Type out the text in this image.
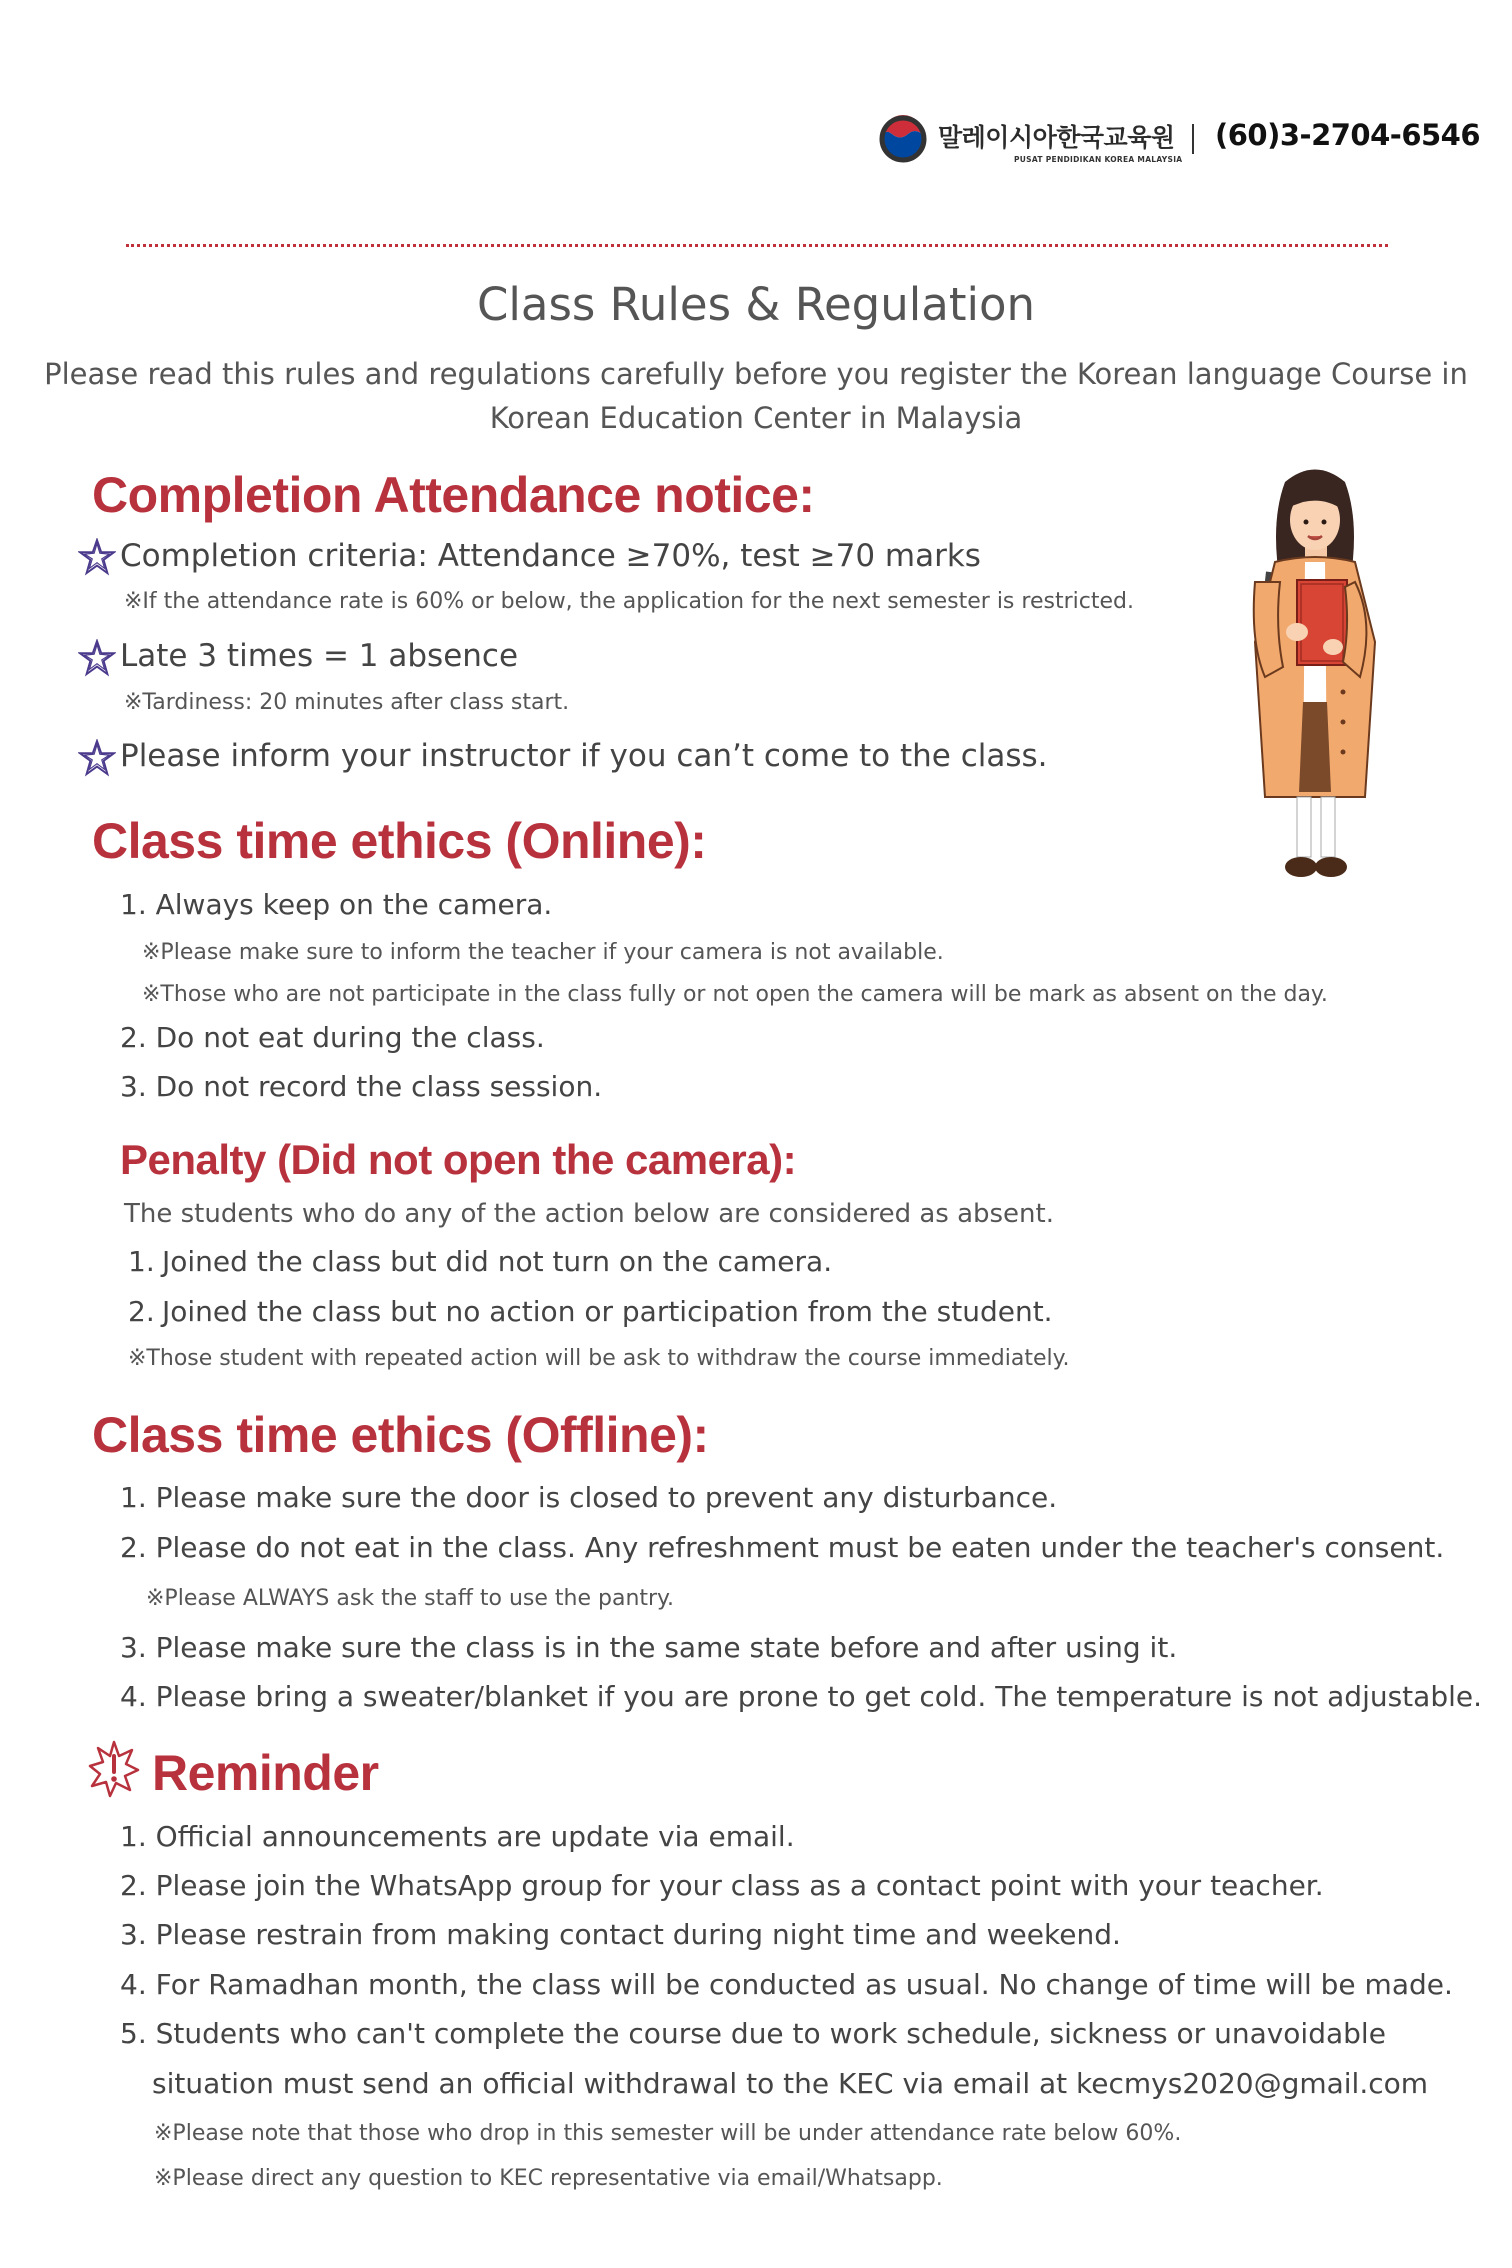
말레이시아한국교육원
PUSAT PENDIDIKAN KOREA MALAYSIA
(60)3-2704-6546
Class Rules & Regulation
Please read this rules and regulations carefully before you register the Korean language Course in
Korean Education Center in Malaysia
Completion Attendance notice:
Completion criteria: Attendance ≥70%, test ≥70 marks
※If the attendance rate is 60% or below, the application for the next semester is restricted.
Late 3 times = 1 absence
※Tardiness: 20 minutes after class start.
Please inform your instructor if you can’t come to the class.
Class time ethics (Online):
1. Always keep on the camera.
※Please make sure to inform the teacher if your camera is not available.
※Those who are not participate in the class fully or not open the camera will be mark as absent on the day.
2. Do not eat during the class.
3. Do not record the class session.
Penalty (Did not open the camera):
The students who do any of the action below are considered as absent.
1. Joined the class but did not turn on the camera.
2. Joined the class but no action or participation from the student.
※Those student with repeated action will be ask to withdraw the course immediately.
Class time ethics (Offline):
1. Please make sure the door is closed to prevent any disturbance.
2. Please do not eat in the class. Any refreshment must be eaten under the teacher's consent.
※Please ALWAYS ask the staff to use the pantry.
3. Please make sure the class is in the same state before and after using it.
4. Please bring a sweater/blanket if you are prone to get cold. The temperature is not adjustable.
Reminder
1. Official announcements are update via email.
2. Please join the WhatsApp group for your class as a contact point with your teacher.
3. Please restrain from making contact during night time and weekend.
4. For Ramadhan month, the class will be conducted as usual. No change of time will be made.
5. Students who can't complete the course due to work schedule, sickness or unavoidable
situation must send an official withdrawal to the KEC via email at kecmys2020@gmail.com
※Please note that those who drop in this semester will be under attendance rate below 60%.
※Please direct any question to KEC representative via email/Whatsapp.
